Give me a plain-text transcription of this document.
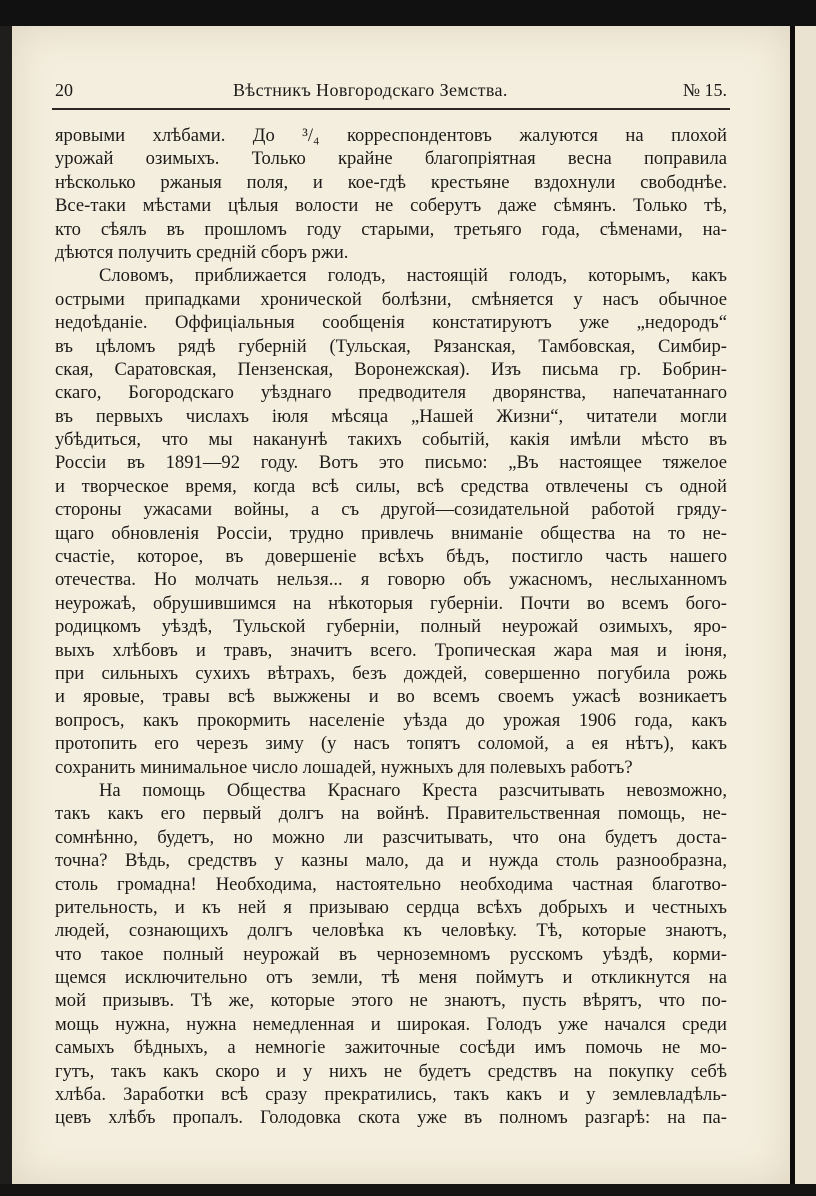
20	Вѣстникъ Новгородскаго Земства.	№ 15.
яровыми хлѣбами. До ³/₄ корреспондентовъ жалуются на плохой
урожай озимыхъ. Только крайне благопріятная весна поправила
нѣсколько ржаныя поля, и кое-гдѣ крестьяне вздохнули свободнѣе.
Все-таки мѣстами цѣлыя волости не соберутъ даже сѣмянъ. Только тѣ,
кто сѣялъ въ прошломъ году старыми, третьяго года, сѣменами, на-
дѣются получить средній сборъ ржи.
Словомъ, приближается голодъ, настоящій голодъ, которымъ, какъ
острыми припадками хронической болѣзни, смѣняется у насъ обычное
недоѣданіе. Оффиціальныя сообщенія констатируютъ уже „недородъ“
въ цѣломъ рядѣ губерній (Тульская, Рязанская, Тамбовская, Симбир-
ская, Саратовская, Пензенская, Воронежская). Изъ письма гр. Бобрин-
скаго, Богородскаго уѣзднаго предводителя дворянства, напечатаннаго
въ первыхъ числахъ іюля мѣсяца „Нашей Жизни“, читатели могли
убѣдиться, что мы наканунѣ такихъ событій, какія имѣли мѣсто въ
Россіи въ 1891—92 году. Вотъ это письмо: „Въ настоящее тяжелое
и творческое время, когда всѣ силы, всѣ средства отвлечены съ одной
стороны ужасами войны, а съ другой—созидательной работой гряду-
щаго обновленія Россіи, трудно привлечь вниманіе общества на то не-
счастіе, которое, въ довершеніе всѣхъ бѣдъ, постигло часть нашего
отечества. Но молчать нельзя... я говорю объ ужасномъ, неслыханномъ
неурожаѣ, обрушившимся на нѣкоторыя губерніи. Почти во всемъ бого-
родицкомъ уѣздѣ, Тульской губерніи, полный неурожай озимыхъ, яро-
выхъ хлѣбовъ и травъ, значитъ всего. Тропическая жара мая и іюня,
при сильныхъ сухихъ вѣтрахъ, безъ дождей, совершенно погубила рожь
и яровые, травы всѣ выжжены и во всемъ своемъ ужасѣ возникаетъ
вопросъ, какъ прокормить населеніе уѣзда до урожая 1906 года, какъ
протопить его черезъ зиму (у насъ топятъ соломой, а ея нѣтъ), какъ
сохранить минимальное число лошадей, нужныхъ для полевыхъ работъ?
На помощь Общества Краснаго Креста разсчитывать невозможно,
такъ какъ его первый долгъ на войнѣ. Правительственная помощь, не-
сомнѣнно, будетъ, но можно ли разсчитывать, что она будетъ доста-
точна? Вѣдь, средствъ у казны мало, да и нужда столь разнообразна,
столь громадна! Необходима, настоятельно необходима частная благотво-
рительность, и къ ней я призываю сердца всѣхъ добрыхъ и честныхъ
людей, сознающихъ долгъ человѣка къ человѣку. Тѣ, которые знаютъ,
что такое полный неурожай въ черноземномъ русскомъ уѣздѣ, корми-
щемся исключительно отъ земли, тѣ меня поймутъ и откликнутся на
мой призывъ. Тѣ же, которые этого не знаютъ, пусть вѣрятъ, что по-
мощь нужна, нужна немедленная и широкая. Голодъ уже начался среди
самыхъ бѣдныхъ, а немногіе зажиточные сосѣди имъ помочь не мо-
гутъ, такъ какъ скоро и у нихъ не будетъ средствъ на покупку себѣ
хлѣба. Заработки всѣ сразу прекратились, такъ какъ и у землевладѣль-
цевъ хлѣбъ пропалъ. Голодовка скота уже въ полномъ разгарѣ: на па-
